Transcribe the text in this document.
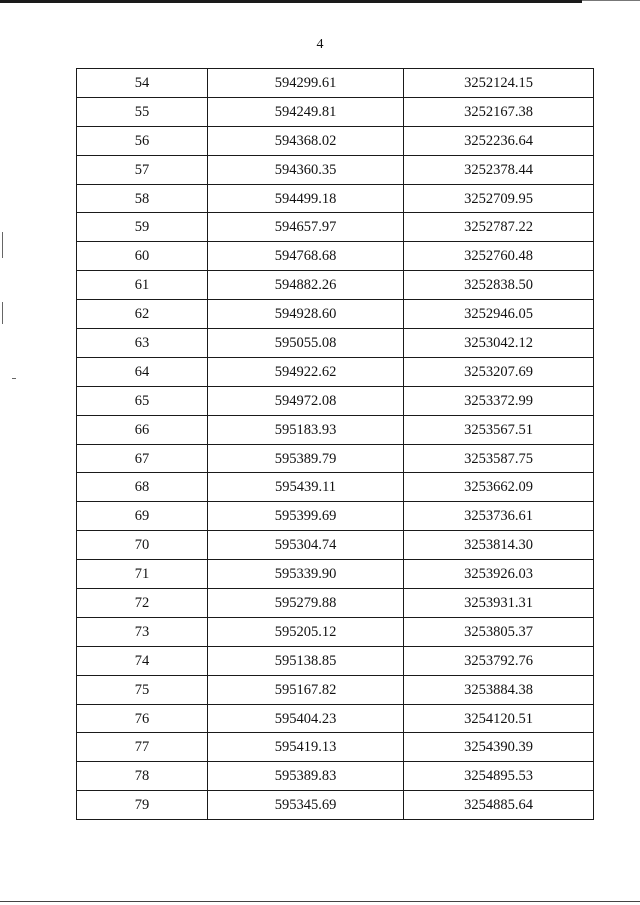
4
54	594299.61	3252124.15
55	594249.81	3252167.38
56	594368.02	3252236.64
57	594360.35	3252378.44
58	594499.18	3252709.95
59	594657.97	3252787.22
60	594768.68	3252760.48
61	594882.26	3252838.50
62	594928.60	3252946.05
63	595055.08	3253042.12
64	594922.62	3253207.69
65	594972.08	3253372.99
66	595183.93	3253567.51
67	595389.79	3253587.75
68	595439.11	3253662.09
69	595399.69	3253736.61
70	595304.74	3253814.30
71	595339.90	3253926.03
72	595279.88	3253931.31
73	595205.12	3253805.37
74	595138.85	3253792.76
75	595167.82	3253884.38
76	595404.23	3254120.51
77	595419.13	3254390.39
78	595389.83	3254895.53
79	595345.69	3254885.64
